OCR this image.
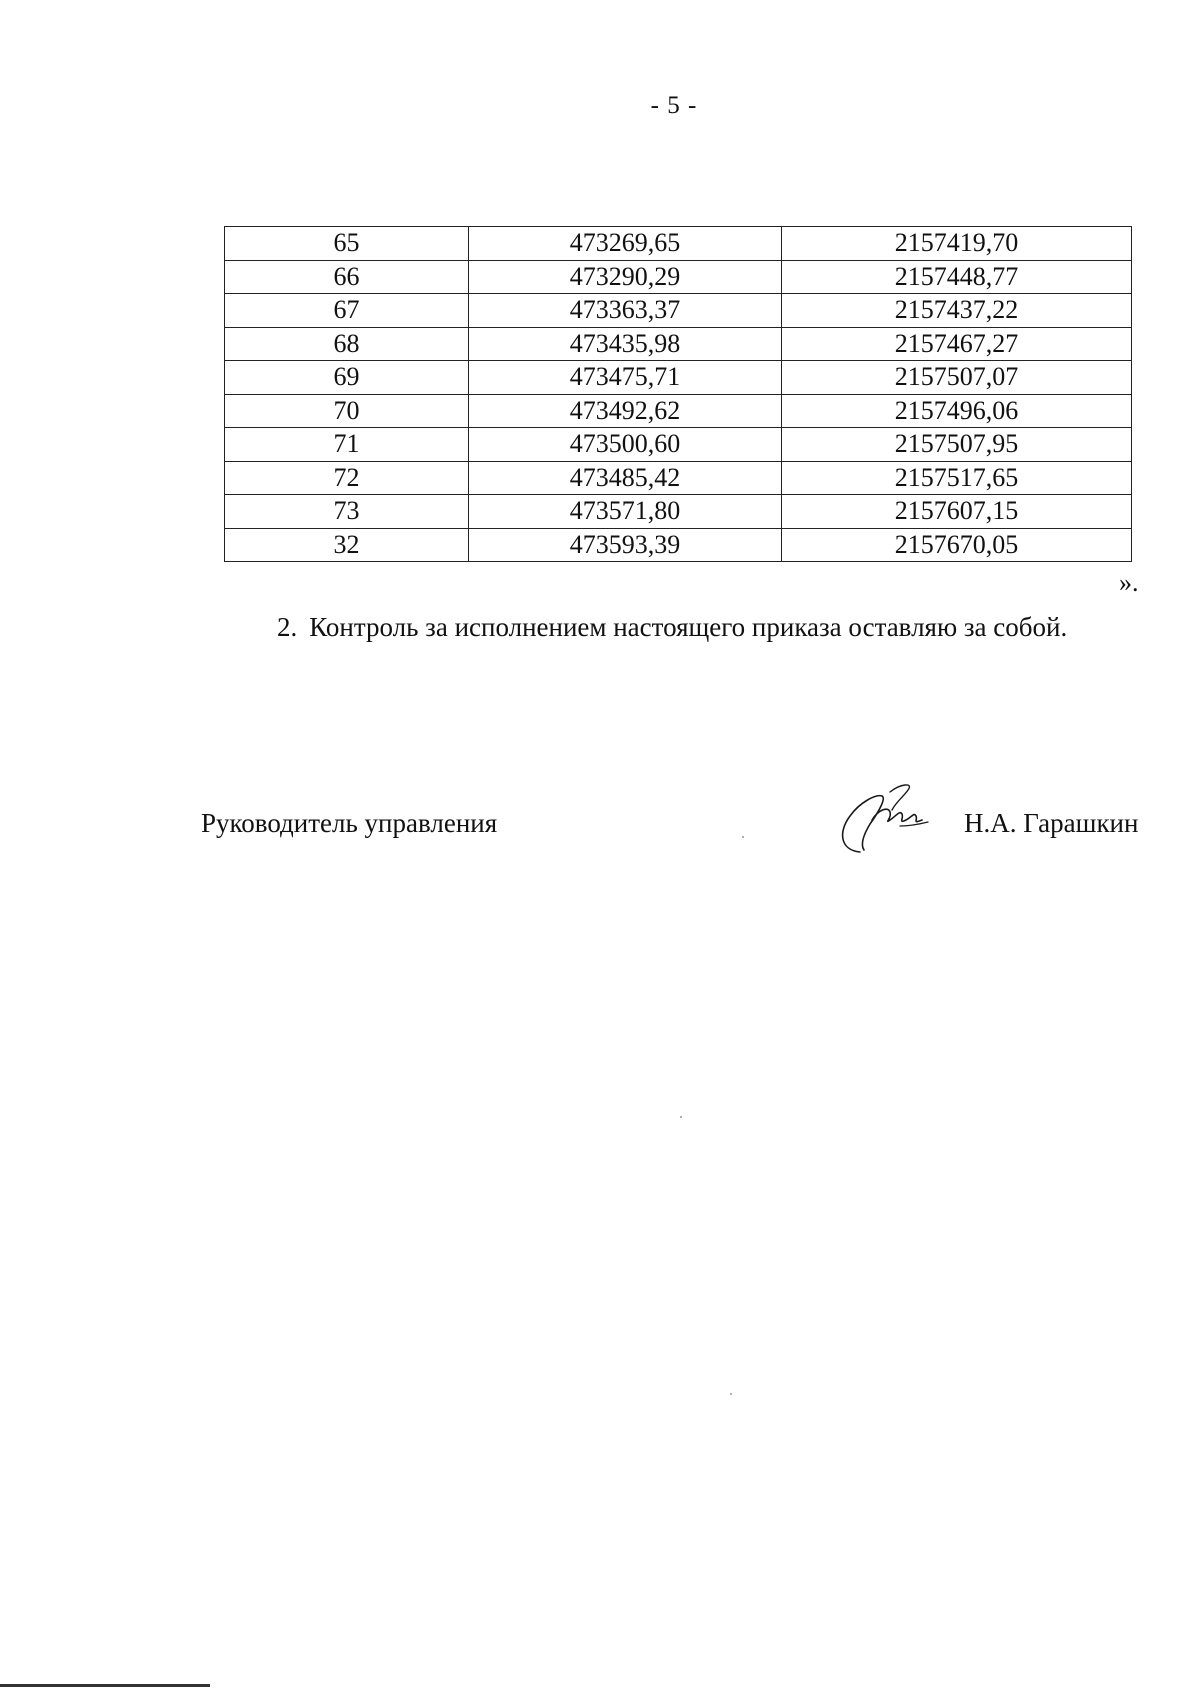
- 5 -
65	473269,65	2157419,70
66	473290,29	2157448,77
67	473363,37	2157437,22
68	473435,98	2157467,27
69	473475,71	2157507,07
70	473492,62	2157496,06
71	473500,60	2157507,95
72	473485,42	2157517,65
73	473571,80	2157607,15
32	473593,39	2157670,05
».
2. Контроль за исполнением настоящего приказа оставляю за собой.
Руководитель управления	Н.А. Гарашкин
